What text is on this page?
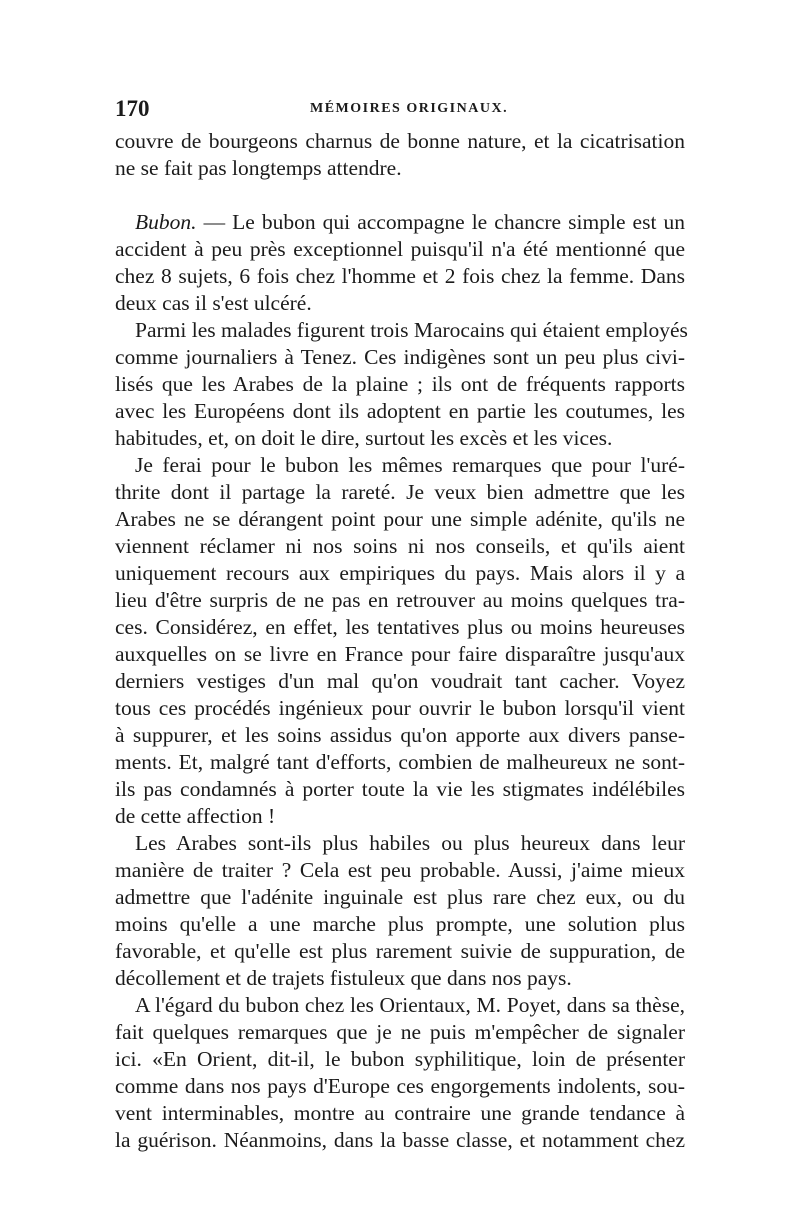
170	MÉMOIRES ORIGINAUX.
couvre de bourgeons charnus de bonne nature, et la cicatrisation
ne se fait pas longtemps attendre.
Bubon. — Le bubon qui accompagne le chancre simple est un
accident à peu près exceptionnel puisqu'il n'a été mentionné que
chez 8 sujets, 6 fois chez l'homme et 2 fois chez la femme. Dans
deux cas il s'est ulcéré.
Parmi les malades figurent trois Marocains qui étaient employés
comme journaliers à Tenez. Ces indigènes sont un peu plus civi-
lisés que les Arabes de la plaine ; ils ont de fréquents rapports
avec les Européens dont ils adoptent en partie les coutumes, les
habitudes, et, on doit le dire, surtout les excès et les vices.
Je ferai pour le bubon les mêmes remarques que pour l'uré-
thrite dont il partage la rareté. Je veux bien admettre que les
Arabes ne se dérangent point pour une simple adénite, qu'ils ne
viennent réclamer ni nos soins ni nos conseils, et qu'ils aient
uniquement recours aux empiriques du pays. Mais alors il y a
lieu d'être surpris de ne pas en retrouver au moins quelques tra-
ces. Considérez, en effet, les tentatives plus ou moins heureuses
auxquelles on se livre en France pour faire disparaître jusqu'aux
derniers vestiges d'un mal qu'on voudrait tant cacher. Voyez
tous ces procédés ingénieux pour ouvrir le bubon lorsqu'il vient
à suppurer, et les soins assidus qu'on apporte aux divers panse-
ments. Et, malgré tant d'efforts, combien de malheureux ne sont-
ils pas condamnés à porter toute la vie les stigmates indélébiles
de cette affection !
Les Arabes sont-ils plus habiles ou plus heureux dans leur
manière de traiter ? Cela est peu probable. Aussi, j'aime mieux
admettre que l'adénite inguinale est plus rare chez eux, ou du
moins qu'elle a une marche plus prompte, une solution plus
favorable, et qu'elle est plus rarement suivie de suppuration, de
décollement et de trajets fistuleux que dans nos pays.
A l'égard du bubon chez les Orientaux, M. Poyet, dans sa thèse,
fait quelques remarques que je ne puis m'empêcher de signaler
ici. «En Orient, dit-il, le bubon syphilitique, loin de présenter
comme dans nos pays d'Europe ces engorgements indolents, sou-
vent interminables, montre au contraire une grande tendance à
la guérison. Néanmoins, dans la basse classe, et notamment chez
